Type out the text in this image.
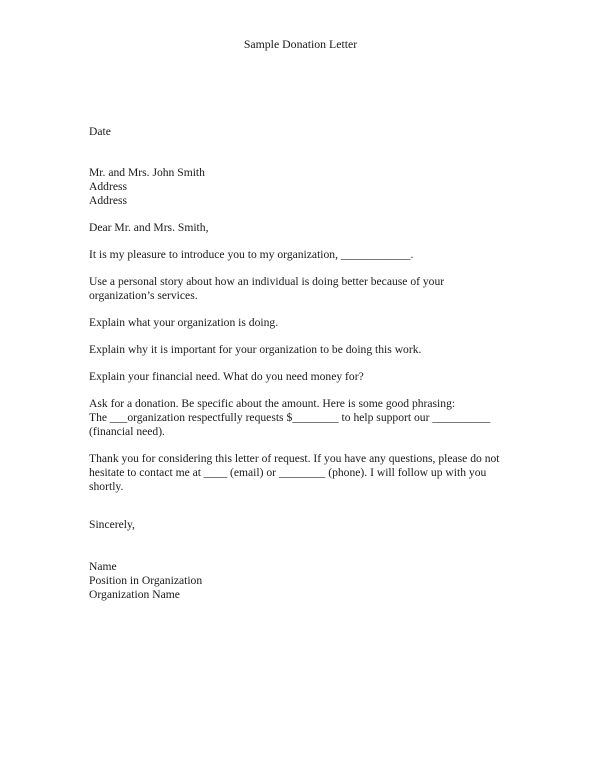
Sample Donation Letter
Date
Mr. and Mrs. John Smith
Address
Address
Dear Mr. and Mrs. Smith,
It is my pleasure to introduce you to my organization, ____________.
Use a personal story about how an individual is doing better because of your
organization’s services.
Explain what your organization is doing.
Explain why it is important for your organization to be doing this work.
Explain your financial need. What do you need money for?
Ask for a donation. Be specific about the amount. Here is some good phrasing:
The ___organization respectfully requests $________ to help support our __________
(financial need).
Thank you for considering this letter of request. If you have any questions, please do not
hesitate to contact me at ____ (email) or ________ (phone). I will follow up with you
shortly.
Sincerely,
Name
Position in Organization
Organization Name
